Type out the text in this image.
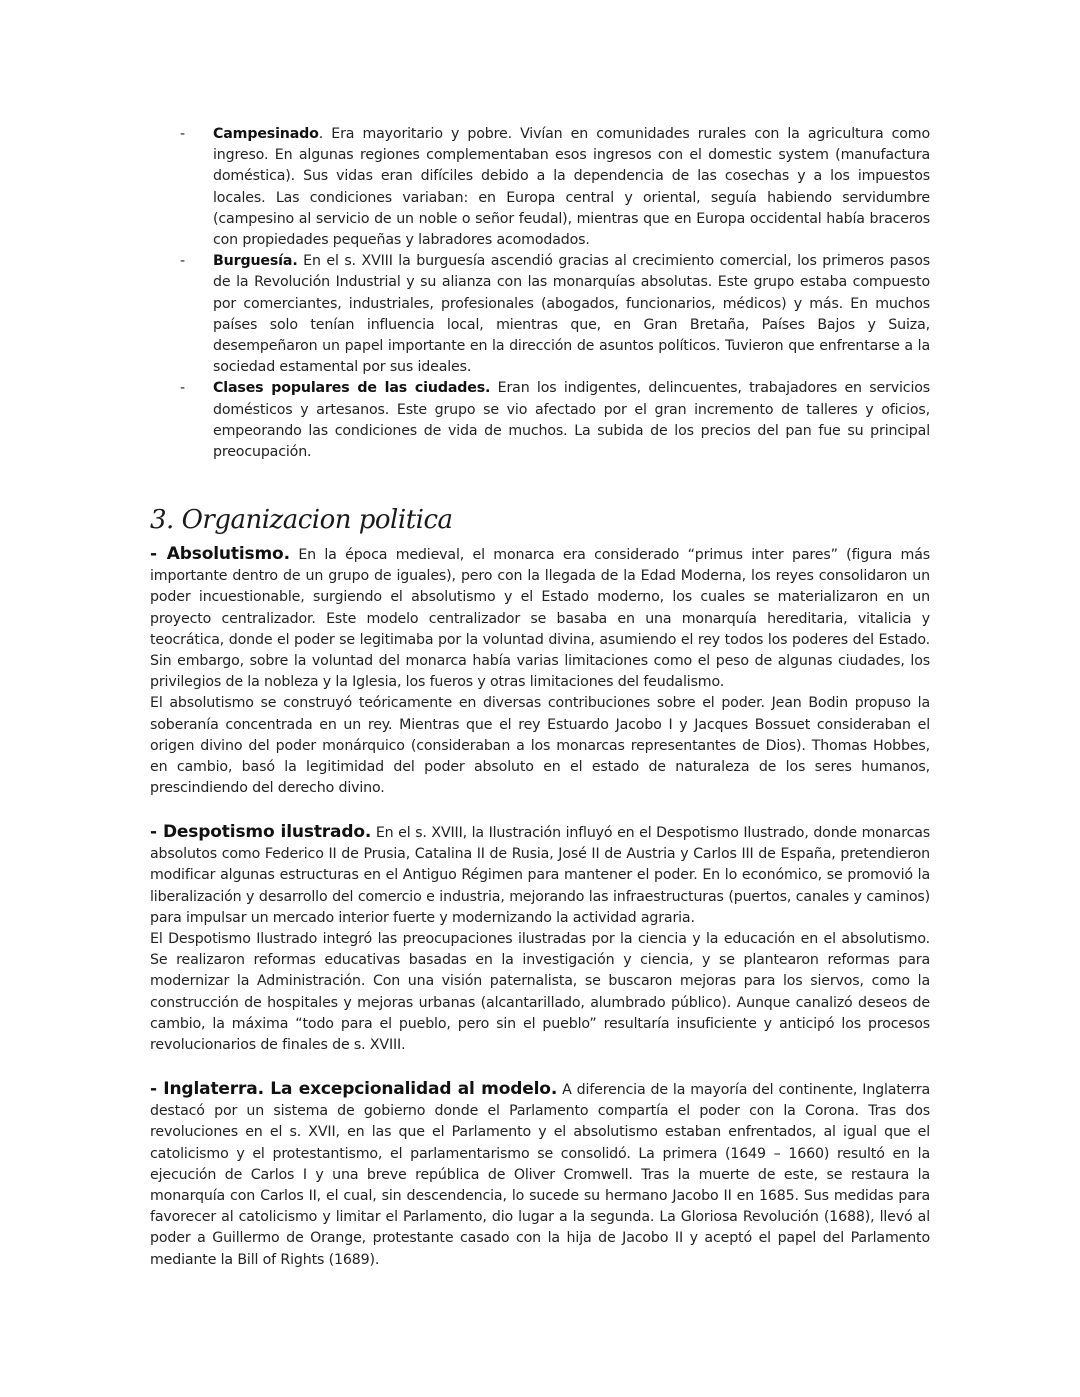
- Campesinado. Era mayoritario y pobre. Vivían en comunidades rurales con la agricultura como ingreso. En algunas regiones complementaban esos ingresos con el domestic system (manufactura doméstica). Sus vidas eran difíciles debido a la dependencia de las cosechas y a los impuestos locales. Las condiciones variaban: en Europa central y oriental, seguía habiendo servidumbre (campesino al servicio de un noble o señor feudal), mientras que en Europa occidental había braceros con propiedades pequeñas y labradores acomodados.
- Burguesía. En el s. XVIII la burguesía ascendió gracias al crecimiento comercial, los primeros pasos de la Revolución Industrial y su alianza con las monarquías absolutas. Este grupo estaba compuesto por comerciantes, industriales, profesionales (abogados, funcionarios, médicos) y más. En muchos países solo tenían influencia local, mientras que, en Gran Bretaña, Países Bajos y Suiza, desempeñaron un papel importante en la dirección de asuntos políticos. Tuvieron que enfrentarse a la sociedad estamental por sus ideales.
- Clases populares de las ciudades. Eran los indigentes, delincuentes, trabajadores en servicios domésticos y artesanos. Este grupo se vio afectado por el gran incremento de talleres y oficios, empeorando las condiciones de vida de muchos. La subida de los precios del pan fue su principal preocupación.
3. Organizacion politica

- Absolutismo. En la época medieval, el monarca era considerado “primus inter pares” (figura más importante dentro de un grupo de iguales), pero con la llegada de la Edad Moderna, los reyes consolidaron un poder incuestionable, surgiendo el absolutismo y el Estado moderno, los cuales se materializaron en un proyecto centralizador. Este modelo centralizador se basaba en una monarquía hereditaria, vitalicia y teocrática, donde el poder se legitimaba por la voluntad divina, asumiendo el rey todos los poderes del Estado. Sin embargo, sobre la voluntad del monarca había varias limitaciones como el peso de algunas ciudades, los privilegios de la nobleza y la Iglesia, los fueros y otras limitaciones del feudalismo.

El absolutismo se construyó teóricamente en diversas contribuciones sobre el poder. Jean Bodin propuso la soberanía concentrada en un rey. Mientras que el rey Estuardo Jacobo I y Jacques Bossuet consideraban el origen divino del poder monárquico (consideraban a los monarcas representantes de Dios). Thomas Hobbes, en cambio, basó la legitimidad del poder absoluto en el estado de naturaleza de los seres humanos, prescindiendo del derecho divino.

- Despotismo ilustrado. En el s. XVIII, la Ilustración influyó en el Despotismo Ilustrado, donde monarcas absolutos como Federico II de Prusia, Catalina II de Rusia, José II de Austria y Carlos III de España, pretendieron modificar algunas estructuras en el Antiguo Régimen para mantener el poder. En lo económico, se promovió la liberalización y desarrollo del comercio e industria, mejorando las infraestructuras (puertos, canales y caminos) para impulsar un mercado interior fuerte y modernizando la actividad agraria.

El Despotismo Ilustrado integró las preocupaciones ilustradas por la ciencia y la educación en el absolutismo. Se realizaron reformas educativas basadas en la investigación y ciencia, y se plantearon reformas para modernizar la Administración. Con una visión paternalista, se buscaron mejoras para los siervos, como la construcción de hospitales y mejoras urbanas (alcantarillado, alumbrado público). Aunque canalizó deseos de cambio, la máxima “todo para el pueblo, pero sin el pueblo” resultaría insuficiente y anticipó los procesos revolucionarios de finales de s. XVIII.

- Inglaterra. La excepcionalidad al modelo. A diferencia de la mayoría del continente, Inglaterra destacó por un sistema de gobierno donde el Parlamento compartía el poder con la Corona. Tras dos revoluciones en el s. XVII, en las que el Parlamento y el absolutismo estaban enfrentados, al igual que el catolicismo y el protestantismo, el parlamentarismo se consolidó. La primera (1649 – 1660) resultó en la ejecución de Carlos I y una breve república de Oliver Cromwell. Tras la muerte de este, se restaura la monarquía con Carlos II, el cual, sin descendencia, lo sucede su hermano Jacobo II en 1685. Sus medidas para favorecer al catolicismo y limitar el Parlamento, dio lugar a la segunda. La Gloriosa Revolución (1688), llevó al poder a Guillermo de Orange, protestante casado con la hija de Jacobo II y aceptó el papel del Parlamento mediante la Bill of Rights (1689).
